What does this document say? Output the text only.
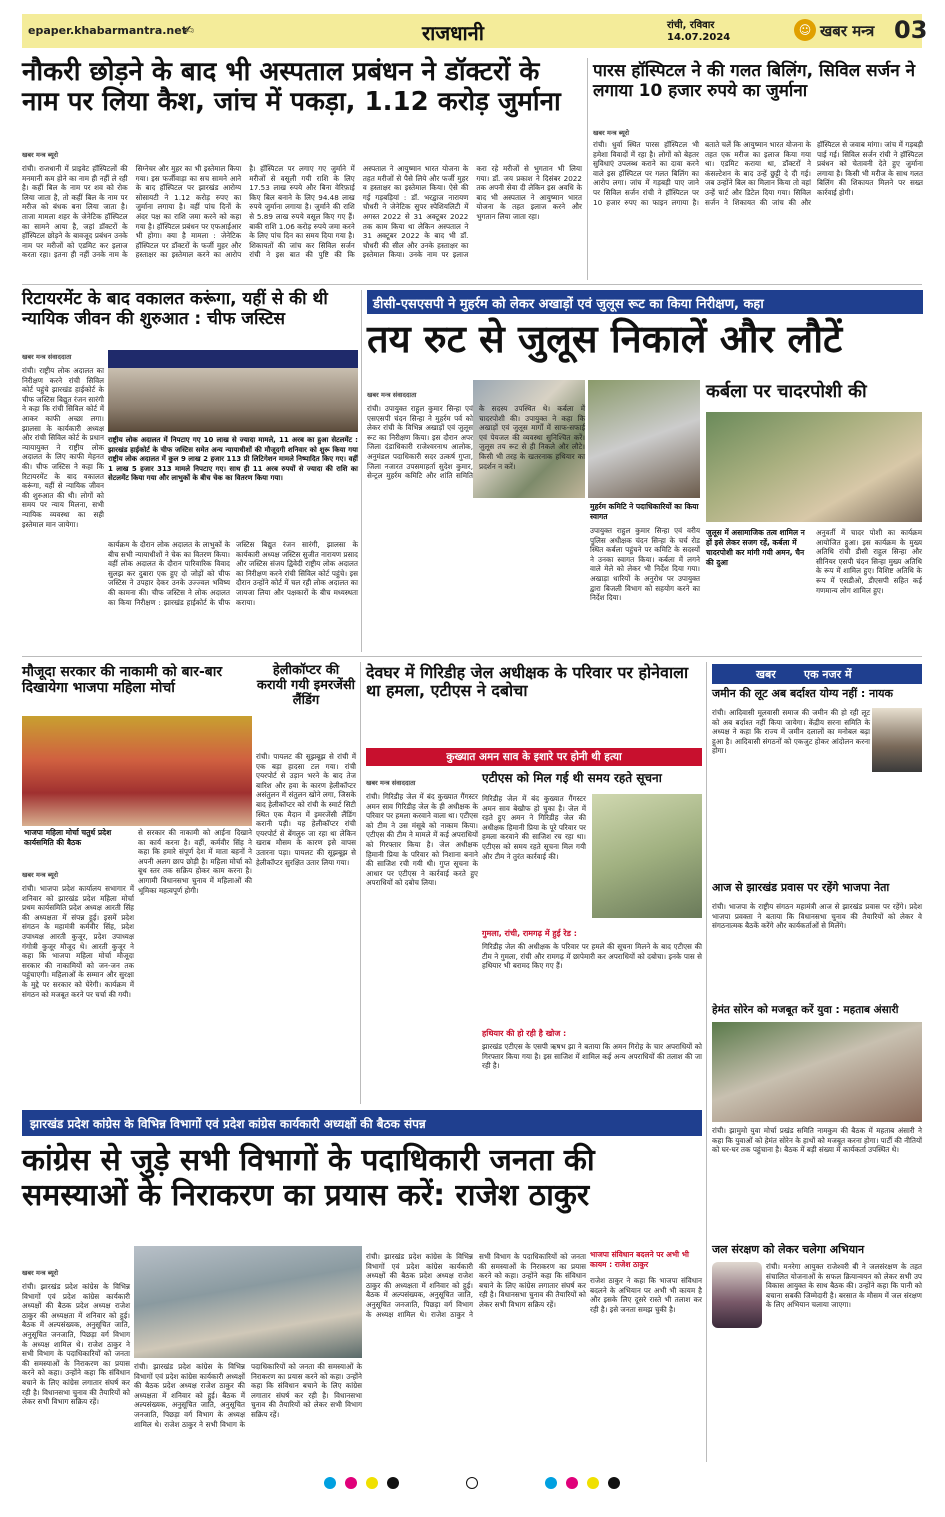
epaper.khabarmantra.net
✍	राजधानी	रांची, रविवार
14.07.2024
☺ खबर मन्त्र 03
नौकरी छोड़ने के बाद भी अस्पताल प्रबंधन ने डॉक्टरों के नाम पर लिया कैश, जांच में पकड़ा, 1.12 करोड़ जुर्माना
खबर मन्त्र ब्यूरो
रांची। राजधानी में प्राइवेट हॉस्पिटलों की मनमानी कम होने का नाम ही नहीं ले रही है। कहीं बिल के नाम पर शव को रोक लिया जाता है, तो कहीं बिल के नाम पर मरीज को बंधक बना लिया जाता है। ताजा मामला शहर के जेनेटिक हॉस्पिटल का सामने आया है, जहां डॉक्टरों के हॉस्पिटल छोड़ने के बावजूद प्रबंधन उनके नाम पर मरीजों को एडमिट कर इलाज करता रहा। इतना ही नहीं उनके नाम के सिग्नेचर और मुहर का भी इस्तेमाल किया गया। इस फर्जीवाड़ा का सच सामने आने के बाद हॉस्पिटल पर झारखंड आरोग्य सोसायटी ने 1.12 करोड़ रुपए का जुर्माना लगाया है। वहीं पांच दिनों के अंदर पक्ष का राशि जमा करने को कहा गया है। हॉस्पिटल प्रबंधन पर एफआईआर भी होगा। क्या है मामला : जेनेटिक हॉस्पिटल पर डॉक्टरों के फर्जी मुहर और हस्ताक्षर का इस्तेमाल करने का आरोप है। हॉस्पिटल पर लगाए गए जुर्माने में मरीजों से वसूली गयी राशि के लिए 17.53 लाख रुपये और बिना वेरिफ़ाई किए बिल बनाने के लिए 94.48 लाख रुपये जुर्माना लगाया है। जुर्माने की राशि से 5.89 लाख रुपये वसूल किए गए हैं। बाकी राशि 1.06 करोड़ रुपये जमा करने के लिए पांच दिन का समय दिया गया है। शिकायतों की जांच कर सिविल सर्जन रांची ने इस बात की पुष्टि की कि अस्पताल ने आयुष्मान भारत योजना के तहत मरीजों से पैसे लिये और फर्जी मुहर व हस्ताक्षर का इस्तेमाल किया। ऐसे की गई गड़बड़ियां : डॉ. भरद्वाज नारायण चौधरी ने जेनेटिक सुपर स्पेशियलिटी में अगस्त 2022 से 31 अक्टूबर 2022 तक काम किया था लेकिन अस्पताल ने 31 अक्टूबर 2022 के बाद भी डॉ. चौधरी की सील और उनके हस्ताक्षर का इस्तेमाल किया। उनके नाम पर इलाज करा रहे मरीजों से भुगतान भी लिया गया। डॉ. जय प्रकाश ने दिसंबर 2022 तक अपनी सेवा दी लेकिन इस अवधि के बाद भी अस्पताल ने आयुष्मान भारत योजना के तहत इलाज करने और भुगतान लिया जाता रहा।
पारस हॉस्पिटल ने की गलत बिलिंग, सिविल सर्जन ने लगाया 10 हजार रुपये का जुर्माना
खबर मन्त्र ब्यूरो
रांची। धुर्वा स्थित पारस हॉस्पिटल भी हमेशा विवादों में रहा है। लोगों को बेहतर सुविधाएं उपलब्ध कराने का दावा करने वाले इस हॉस्पिटल पर गलत बिलिंग का आरोप लगा। जांच में गड़बड़ी पाए जाने पर सिविल सर्जन रांची ने हॉस्पिटल पर 10 हजार रुपए का फाइन लगाया है। बताते चलें कि आयुष्मान भारत योजना के तहत एक मरीज का इलाज किया गया था। एडमिट कराया था, डॉक्टरों ने कंसल्टेशन के बाद उन्हें छुट्टी दे दी गई। जब उन्होंने बिल का मिलान किया तो वहां उन्हें चार्ट और डिटेल दिया गया। सिविल सर्जन ने शिकायत की जांच की और हॉस्पिटल से जवाब मांगा। जांच में गड़बड़ी पाई गई। सिविल सर्जन रांची ने हॉस्पिटल प्रबंधन को चेतावनी देते हुए जुर्माना लगाया है। किसी भी मरीज के साथ गलत बिलिंग की शिकायत मिलने पर सख्त कार्रवाई होगी।
रिटायरमेंट के बाद वकालत करूंगा, यहीं से की थी न्यायिक जीवन की शुरुआत : चीफ जस्टिस
खबर मन्त्र संवाददाता
रांची। राष्ट्रीय लोक अदालत का निरीक्षण करने रांची सिविल कोर्ट पहुंचे झारखंड हाईकोर्ट के चीफ जस्टिस बिद्युत रंजन सारंगी ने कहा कि रांची सिविल कोर्ट में आकर काफी अच्छा लगा। झालसा के कार्यकारी अध्यक्ष और रांची सिविल कोर्ट के प्रधान न्यायायुक्त ने राष्ट्रीय लोक अदालत के लिए काफी मेहनत की। चीफ जस्टिस ने कहा कि रिटायरमेंट के बाद वकालत करूंगा, यहीं से न्यायिक जीवन की शुरुआत की थी। लोगों को समय पर न्याय मिलना, सभी न्यायिक व्यवस्था का सही इस्तेमाल मान जायेगा।
राष्ट्रीय लोक अदालत में निपटाए गए 10 लाख से ज्यादा मामले, 11 अरब का हुआ सेटलमेंट : झारखंड हाईकोर्ट के चीफ जस्टिस समेत अन्य न्यायाधीशों की मौजूदगी शनिवार को शुरू किया गया राष्ट्रीय लोक अदालत में कुल 9 लाख 2 हजार 113 प्री लिटिगेशन मामले निष्पादित किए गए। वहीं 1 लाख 5 हजार 313 मामले निपटाए गए। साथ ही 11 अरब रुपयों से ज्यादा की राशि का सेटलमेंट किया गया और लाभुकों के बीच चेक का वितरण किया गया।
कार्यक्रम के दौरान लोक अदालत के लाभुकों के बीच सभी न्यायाधीशों ने चेक का वितरण किया। वहीं लोक अदालत के दौरान पारिवारिक विवाद सुलझ कर दुबारा एक हुए दो जोड़ों को चीफ जस्टिस ने उपहार देकर उनके उज्ज्वल भविष्य की कामना की। चीफ जस्टिस ने लोक अदालत का किया निरीक्षण : झारखंड हाईकोर्ट के चीफ जस्टिस बिद्युत रंजन सारंगी, झालसा के कार्यकारी अध्यक्ष जस्टिस सुजीत नारायण प्रसाद और जस्टिस संजय द्विवेदी राष्ट्रीय लोक अदालत का निरीक्षण करने रांची सिविल कोर्ट पहुंचे। इस दौरान उन्होंने कोर्ट में चल रही लोक अदालत का जायजा लिया और पक्षकारों के बीच मध्यस्थता कराया।
डीसी-एसएसपी ने मुहर्रम को लेकर अखाड़ों एवं जुलूस रूट का किया निरीक्षण, कहा
तय रुट से जुलूस निकालें और लौटें
खबर मन्त्र संवाददाता
रांची। उपायुक्त राहुल कुमार सिन्हा एवं एसएसपी चंदन सिन्हा ने मुहर्रम पर्व को लेकर रांची के विभिन्न अखाड़ों एवं जुलूस रूट का निरीक्षण किया। इस दौरान अपर जिला दंडाधिकारी राजेश्वरनाथ आलोक, अनुमंडल पदाधिकारी सदर उत्कर्ष गुप्ता, जिला नजारत उपसमाहर्ता सुदेश कुमार, सेन्ट्रल मुहर्रम कमिटि और शांति समिति के सदस्य उपस्थित थे। कर्बला में चादरपोशी की। उपायुक्त ने कहा कि अखाड़ों एवं जुलूस मार्गों में साफ-सफाई एवं पेयजल की व्यवस्था सुनिश्चित करें। जुलूस तय रूट से ही निकले और लौटे। किसी भी तरह के खतरनाक हथियार का प्रदर्शन न करें।
मुहर्रम कमिटि ने पदाधिकारियों का किया स्वागत
उपायुक्त राहुल कुमार सिन्हा एवं वरीय पुलिस अधीक्षक चंदन सिन्हा के चर्च रोड स्थित कर्बला पहुंचने पर कमिटि के सदस्यों ने उनका स्वागत किया। कर्बला में लगने वाले मेले को लेकर भी निर्देश दिया गया। अखाड़ा धारियों के अनुरोध पर उपायुक्त द्वारा बिजली विभाग को सहयोग करने का निर्देश दिया।
कर्बला पर चादरपोशी की
जुलूस में असामाजिक तत्व शामिल न हों इसे लेकर सजग रहें, कर्बला में चादरपोशी कर मांगी गयी अमन, चैन की दुआ
अनुवर्ती में चादर पोशी का कार्यक्रम आयोजित हुआ। इस कार्यक्रम के मुख्य अतिथि रांची डीसी राहुल सिन्हा और सीनियर एसपी चंदन सिन्हा मुख्य अतिथि के रूप में शामिल हुए। विशिष्ट अतिथि के रूप में एसडीओ, डीएसपी सहित कई गणमान्य लोग शामिल हुए।
मौजूदा सरकार की नाकामी को बार-बार दिखायेगा भाजपा महिला मोर्चा
भाजपा महिला मोर्चा चतुर्थ प्रदेश कार्यसमिति की बैठक
खबर मन्त्र ब्यूरो
रांची। भाजपा प्रदेश कार्यालय सभागार में शनिवार को झारखंड प्रदेश महिला मोर्चा प्रथम कार्यसमिति प्रदेश अध्यक्ष आरती सिंह की अध्यक्षता में संपन्न हुई। इसमें प्रदेश संगठन के महामंत्री कर्मवीर सिंह, प्रदेश उपाध्यक्ष आरती कुजूर, प्रदेश उपाध्यक्ष गंगोत्री कुजूर मौजूद थे। आरती कुजूर ने कहा कि भाजपा महिला मोर्चा मौजूदा सरकार की नाकामियों को जन-जन तक पहुंचाएगी। महिलाओं के सम्मान और सुरक्षा के मुद्दे पर सरकार को घेरेगी। कार्यक्रम में संगठन को मजबूत करने पर चर्चा की गयी।
से सरकार की नाकामी को आईना दिखाने का कार्य करना है। वहीं, कर्मवीर सिंह ने कहा कि हमारे संपूर्ण देश में माता बहनों ने अपनी अलग छाप छोड़ी है। महिला मोर्चा को बूथ स्तर तक सक्रिय होकर काम करना है। आगामी विधानसभा चुनाव में महिलाओं की भूमिका महत्वपूर्ण होगी।
हेलीकॉप्टर की करायी गयी इमरजेंसी लैंडिंग
रांची। पायलट की सूझबूझ से रांची में एक बड़ा हादसा टल गया। रांची एयरपोर्ट से उड़ान भरने के बाद तेज बारिश और हवा के कारण हेलीकॉप्टर असंतुलन में संतुलन खोने लगा, जिसके बाद हेलीकॉप्टर को रांची के स्मार्ट सिटी स्थित एक मैदान में इमरजेंसी लैंडिंग करानी पड़ी। यह हेलीकॉप्टर रांची एयरपोर्ट से बेंगलुरु जा रहा था लेकिन खराब मौसम के कारण इसे वापस उतारना पड़ा। पायलट की सूझबूझ से हेलीकॉप्टर सुरक्षित उतार लिया गया।
देवघर में गिरिडीह जेल अधीक्षक के परिवार पर होनेवाला था हमला, एटीएस ने दबोचा
कुख्यात अमन साव के इशारे पर होनी थी हत्या
खबर मन्त्र संवाददाता
रांची। गिरिडीह जेल में बंद कुख्यात गैंगस्टर अमन साव गिरिडीह जेल के ही अधीक्षक के परिवार पर हमला करवाने वाला था। एटीएस को टीम ने उस मंसूबे को नाकाम किया। एटीएस की टीम ने मामले में कई अपराधियों को गिरफ्तार किया है। जेल अधीक्षक हिमानी प्रिया के परिवार को निशाना बनाने की साजिश रची गयी थी। गुप्त सूचना के आधार पर एटीएस ने कार्रवाई करते हुए अपराधियों को दबोच लिया।
एटीएस को मिल गई थी समय रहते सूचना
गिरिडीह जेल में बंद कुख्यात गैंगस्टर अमन साव बेखौफ हो चुका है। जेल में रहते हुए अमन ने गिरिडीह जेल की अधीक्षक हिमानी प्रिया के पूरे परिवार पर हमला करवाने की साजिश रच रहा था। एटीएस को समय रहते सूचना मिल गयी और टीम ने तुरंत कार्रवाई की।
गुमला, रांची, रामगढ़ में हुई रेड :
गिरिडीह जेल की अधीक्षक के परिवार पर हमले की सूचना मिलने के बाद एटीएस की टीम ने गुमला, रांची और रामगढ़ में छापेमारी कर अपराधियों को दबोचा। इनके पास से हथियार भी बरामद किए गए हैं।
हथियार की हो रही है खोज :
झारखंड एटीएस के एसपी ऋषभ झा ने बताया कि अमन गिरोह के चार अपराधियों को गिरफ्तार किया गया है। इस साजिश में शामिल कई अन्य अपराधियों की तलाश की जा रही है।
खबर	एक नजर में
जमीन की लूट अब बर्दाश्त योग्य नहीं : नायक
रांची। आदिवासी मूलवासी समाज की जमीन की हो रही लूट को अब बर्दाश्त नहीं किया जायेगा। केंद्रीय सरना समिति के अध्यक्ष ने कहा कि राज्य में जमीन दलालों का मनोबल बढ़ा हुआ है। आदिवासी संगठनों को एकजुट होकर आंदोलन करना होगा।
आज से झारखंड प्रवास पर रहेंगे भाजपा नेता
रांची। भाजपा के राष्ट्रीय संगठन महामंत्री आज से झारखंड प्रवास पर रहेंगे। प्रदेश भाजपा प्रवक्ता ने बताया कि विधानसभा चुनाव की तैयारियों को लेकर वे संगठनात्मक बैठकें करेंगे और कार्यकर्ताओं से मिलेंगे।
हेमंत सोरेन को मजबूत करें युवा : महताब अंसारी
रांची। झामुमो युवा मोर्चा प्रखंड समिति नामकुम की बैठक में महताब अंसारी ने कहा कि युवाओं को हेमंत सोरेन के हाथों को मजबूत करना होगा। पार्टी की नीतियों को घर-घर तक पहुंचाना है। बैठक में बड़ी संख्या में कार्यकर्ता उपस्थित थे।
जल संरक्षण को लेकर चलेगा अभियान
रांची। मनरेगा आयुक्त राजेश्वरी बी ने जलसंरक्षण के तहत संचालित योजनाओं के सफल क्रियान्वयन को लेकर सभी उप विकास आयुक्त के साथ बैठक की। उन्होंने कहा कि पानी को बचाना सबकी जिम्मेदारी है। बरसात के मौसम में जल संरक्षण के लिए अभियान चलाया जाएगा।
झारखंड प्रदेश कांग्रेस के विभिन्न विभागों एवं प्रदेश कांग्रेस कार्यकारी अध्यक्षों की बैठक संपन्न
कांग्रेस से जुड़े सभी विभागों के पदाधिकारी जनता की समस्याओं के निराकरण का प्रयास करें: राजेश ठाकुर
खबर मन्त्र ब्यूरो
रांची। झारखंड प्रदेश कांग्रेस के विभिन्न विभागों एवं प्रदेश कांग्रेस कार्यकारी अध्यक्षों की बैठक प्रदेश अध्यक्ष राजेश ठाकुर की अध्यक्षता में शनिवार को हुई। बैठक में अल्पसंख्यक, अनुसूचित जाति, अनुसूचित जनजाति, पिछड़ा वर्ग विभाग के अध्यक्ष शामिल थे। राजेश ठाकुर ने सभी विभाग के पदाधिकारियों को जनता की समस्याओं के निराकरण का प्रयास करने को कहा। उन्होंने कहा कि संविधान बचाने के लिए कांग्रेस लगातार संघर्ष कर रही है। विधानसभा चुनाव की तैयारियों को लेकर सभी विभाग सक्रिय रहें।
रांची। झारखंड प्रदेश कांग्रेस के विभिन्न विभागों एवं प्रदेश कांग्रेस कार्यकारी अध्यक्षों की बैठक प्रदेश अध्यक्ष राजेश ठाकुर की अध्यक्षता में शनिवार को हुई। बैठक में अल्पसंख्यक, अनुसूचित जाति, अनुसूचित जनजाति, पिछड़ा वर्ग विभाग के अध्यक्ष शामिल थे। राजेश ठाकुर ने सभी विभाग के पदाधिकारियों को जनता की समस्याओं के निराकरण का प्रयास करने को कहा। उन्होंने कहा कि संविधान बचाने के लिए कांग्रेस लगातार संघर्ष कर रही है। विधानसभा चुनाव की तैयारियों को लेकर सभी विभाग सक्रिय रहें।
रांची। झारखंड प्रदेश कांग्रेस के विभिन्न विभागों एवं प्रदेश कांग्रेस कार्यकारी अध्यक्षों की बैठक प्रदेश अध्यक्ष राजेश ठाकुर की अध्यक्षता में शनिवार को हुई। बैठक में अल्पसंख्यक, अनुसूचित जाति, अनुसूचित जनजाति, पिछड़ा वर्ग विभाग के अध्यक्ष शामिल थे। राजेश ठाकुर ने सभी विभाग के पदाधिकारियों को जनता की समस्याओं के निराकरण का प्रयास करने को कहा। उन्होंने कहा कि संविधान बचाने के लिए कांग्रेस लगातार संघर्ष कर रही है। विधानसभा चुनाव की तैयारियों को लेकर सभी विभाग सक्रिय रहें।
भाजपा संविधान बदलने पर अभी भी कायम : राजेश ठाकुर
राजेश ठाकुर ने कहा कि भाजपा संविधान बदलने के अभियान पर अभी भी कायम है और इसके लिए दूसरे रास्ते भी तलाश कर रही है। इसे जनता समझ चुकी है।
